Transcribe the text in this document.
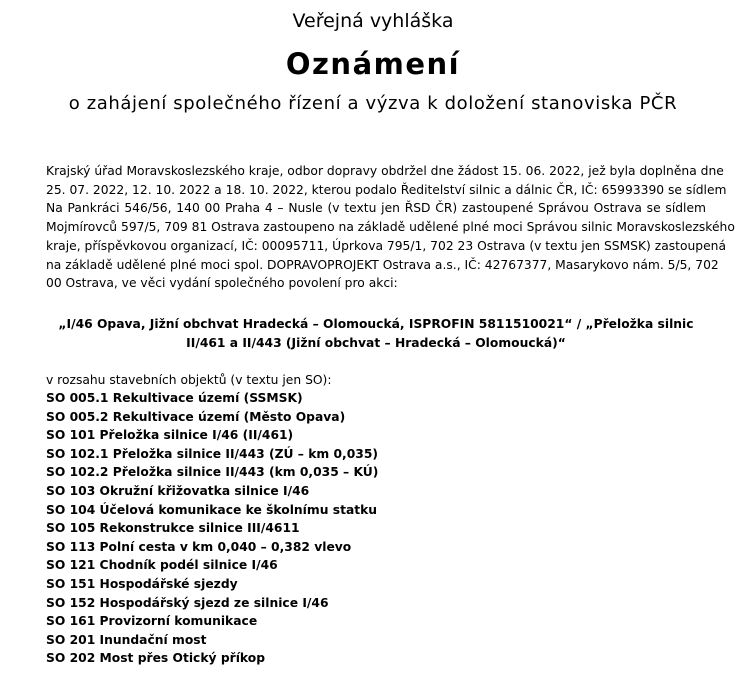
Veřejná vyhláška
Oznámení
o zahájení společného řízení a výzva k doložení stanoviska PČR
Krajský úřad Moravskoslezského kraje, odbor dopravy obdržel dne žádost 15. 06. 2022, jež byla doplněna dne
25. 07. 2022, 12. 10. 2022 a 18. 10. 2022, kterou podalo Ředitelství silnic a dálnic ČR, IČ: 65993390 se sídlem
Na Pankráci 546/56, 140 00 Praha 4 – Nusle (v textu jen ŘSD ČR) zastoupené Správou Ostrava se sídlem
Mojmírovců 597/5, 709 81 Ostrava zastoupeno na základě udělené plné moci Správou silnic Moravskoslezského
kraje, příspěvkovou organizací, IČ: 00095711, Úprkova 795/1, 702 23 Ostrava (v textu jen SSMSK) zastoupená
na základě udělené plné moci spol. DOPRAVOPROJEKT Ostrava a.s., IČ: 42767377, Masarykovo nám. 5/5, 702
00 Ostrava, ve věci vydání společného povolení pro akci:
„I/46 Opava, Jižní obchvat Hradecká – Olomoucká, ISPROFIN 5811510021“ / „Přeložka silnic
II/461 a II/443 (Jižní obchvat – Hradecká – Olomoucká)“
v rozsahu stavebních objektů (v textu jen SO):
SO 005.1 Rekultivace území (SSMSK)
SO 005.2 Rekultivace území (Město Opava)
SO 101 Přeložka silnice I/46 (II/461)
SO 102.1 Přeložka silnice II/443 (ZÚ – km 0,035)
SO 102.2 Přeložka silnice II/443 (km 0,035 – KÚ)
SO 103 Okružní křižovatka silnice I/46
SO 104 Účelová komunikace ke školnímu statku
SO 105 Rekonstrukce silnice III/4611
SO 113 Polní cesta v km 0,040 – 0,382 vlevo
SO 121 Chodník podél silnice I/46
SO 151 Hospodářské sjezdy
SO 152 Hospodářský sjezd ze silnice I/46
SO 161 Provizorní komunikace
SO 201 Inundační most
SO 202 Most přes Otický příkop
